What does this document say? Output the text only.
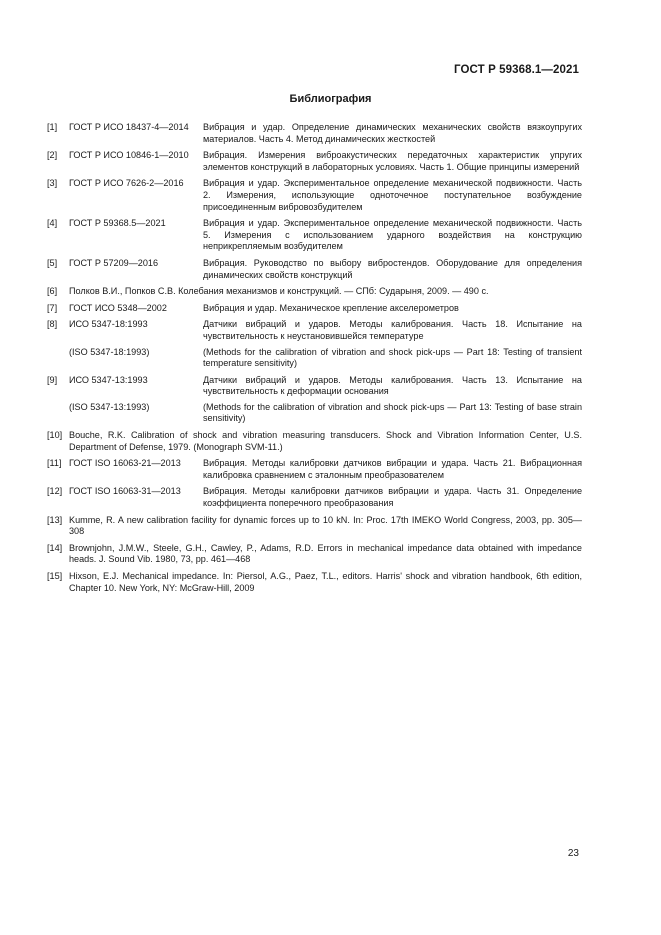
ГОСТ Р 59368.1—2021
Библиография
[1]	ГОСТ Р ИСО 18437-4—2014	Вибрация и удар. Определение динамических механических свойств вязкоупругих материалов. Часть 4. Метод динамических жесткостей
[2]	ГОСТ Р ИСО 10846-1—2010	Вибрация. Измерения виброакустических передаточных характеристик упругих элементов конструкций в лабораторных условиях. Часть 1. Общие принципы измерений
[3]	ГОСТ Р ИСО 7626-2—2016	Вибрация и удар. Экспериментальное определение механической подвижности. Часть 2. Измерения, использующие одноточечное поступательное возбуждение присоединенным вибровозбудителем
[4]	ГОСТ Р 59368.5—2021	Вибрация и удар. Экспериментальное определение механической подвижности. Часть 5. Измерения с использованием ударного воздействия на конструкцию неприкрепляемым возбудителем
[5]	ГОСТ Р 57209—2016	Вибрация. Руководство по выбору вибростендов. Оборудование для определения динамических свойств конструкций
[6]	Полков В.И., Попков С.В. Колебания механизмов и конструкций. — СПб: Сударыня, 2009. — 490 с.
[7]	ГОСТ ИСО 5348—2002	Вибрация и удар. Механическое крепление акселерометров
[8]	ИСО 5347-18:1993	Датчики вибраций и ударов. Методы калибрования. Часть 18. Испытание на чувствительность к неустановившейся температуре
(ISO 5347-18:1993)	(Methods for the calibration of vibration and shock pick-ups — Part 18: Testing of transient temperature sensitivity)
[9]	ИСО 5347-13:1993	Датчики вибраций и ударов. Методы калибрования. Часть 13. Испытание на чувствительность к деформации основания
(ISO 5347-13:1993)	(Methods for the calibration of vibration and shock pick-ups — Part 13: Testing of base strain sensitivity)
[10] Bouche, R.K. Calibration of shock and vibration measuring transducers. Shock and Vibration Information Center, U.S. Department of Defense, 1979. (Monograph SVM-11.)
[11] ГОСТ ISO 16063-21—2013	Вибрация. Методы калибровки датчиков вибрации и удара. Часть 21. Вибрационная калибровка сравнением с эталонным преобразователем
[12] ГОСТ ISO 16063-31—2013	Вибрация. Методы калибровки датчиков вибрации и удара. Часть 31. Определение коэффициента поперечного преобразования
[13] Kumme, R. A new calibration facility for dynamic forces up to 10 kN. In: Proc. 17th IMEKO World Congress, 2003, pp. 305—308
[14] Brownjohn, J.M.W., Steele, G.H., Cawley, P., Adams, R.D. Errors in mechanical impedance data obtained with impedance heads. J. Sound Vib. 1980, 73, pp. 461—468
[15] Hixson, E.J. Mechanical impedance. In: Piersol, A.G., Paez, T.L., editors. Harris' shock and vibration handbook, 6th edition, Chapter 10. New York, NY: McGraw-Hill, 2009
23
